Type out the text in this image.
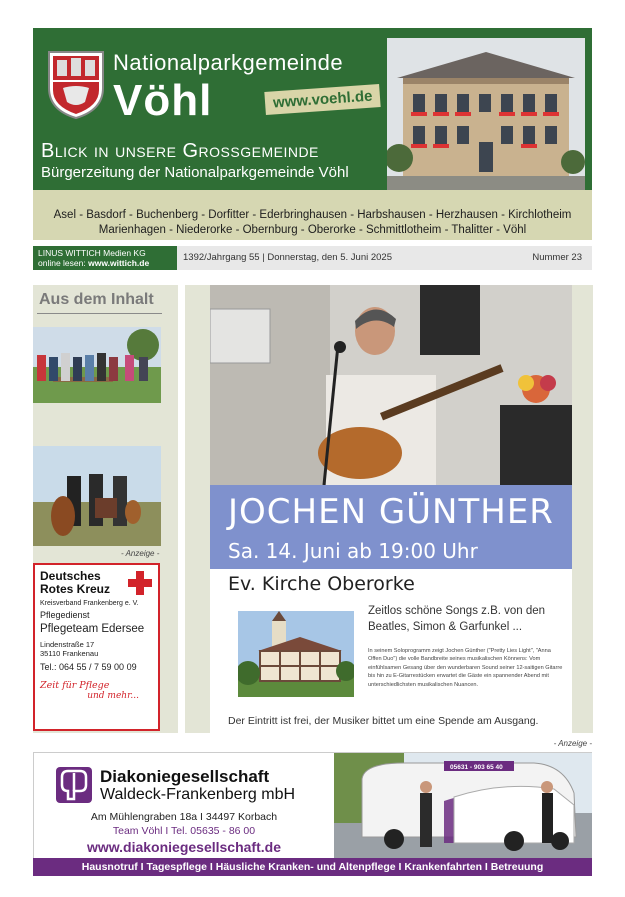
Nationalparkgemeinde
Vöhl	www.voehl.de
Blick in unsere Grossgemeinde
Bürgerzeitung der Nationalparkgemeinde Vöhl
Asel - Basdorf - Buchenberg - Dorfitter - Ederbringhausen - Harbshausen - Herzhausen - Kirchlotheim
Marienhagen - Niederorke - Obernburg - Oberorke - Schmittlotheim - Thalitter - Vöhl
LINUS WITTICH Medien KG
online lesen: www.wittich.de	1392/Jahrgang 55 | Donnerstag, den 5. Juni 2025	Nummer 23
Aus dem Inhalt
- Anzeige -
Deutsches
Rotes Kreuz
Kreisverband Frankenberg e. V.
Pflegedienst
Pflegeteam Edersee
Lindenstraße 17
35110 Frankenau
Tel.: 064 55 / 7 59 00 09
Zeit für Pflege
und mehr...
JOCHEN GÜNTHER
Sa. 14. Juni ab 19:00 Uhr
Ev. Kirche Oberorke
Zeitlos schöne Songs z.B. von den Beatles, Simon & Garfunkel ...
In seinem Soloprogramm zeigt Jochen Günther ("Pretty Lies Light", "Anna Offen Duo") die volle Bandbreite seines musikalischen Könnens: Vom einfühlsamen Gesang über den wunderbaren Sound seiner 12-saitigen Gitarre bis hin zu E-Gitarrestücken erwartet die Gäste ein spannender Abend mit unterschiedlichsten musikalischen Nuancen.
Der Eintritt ist frei, der Musiker bittet um eine Spende am Ausgang.
- Anzeige -
Diakoniegesellschaft
Waldeck-Frankenberg mbH
Am Mühlengraben 18a I 34497 Korbach
Team Vöhl I Tel. 05635 - 86 00
www.diakoniegesellschaft.de
05631 - 903 65 40
Hausnotruf I Tagespflege I Häusliche Kranken- und Altenpflege I Krankenfahrten I Betreuung
